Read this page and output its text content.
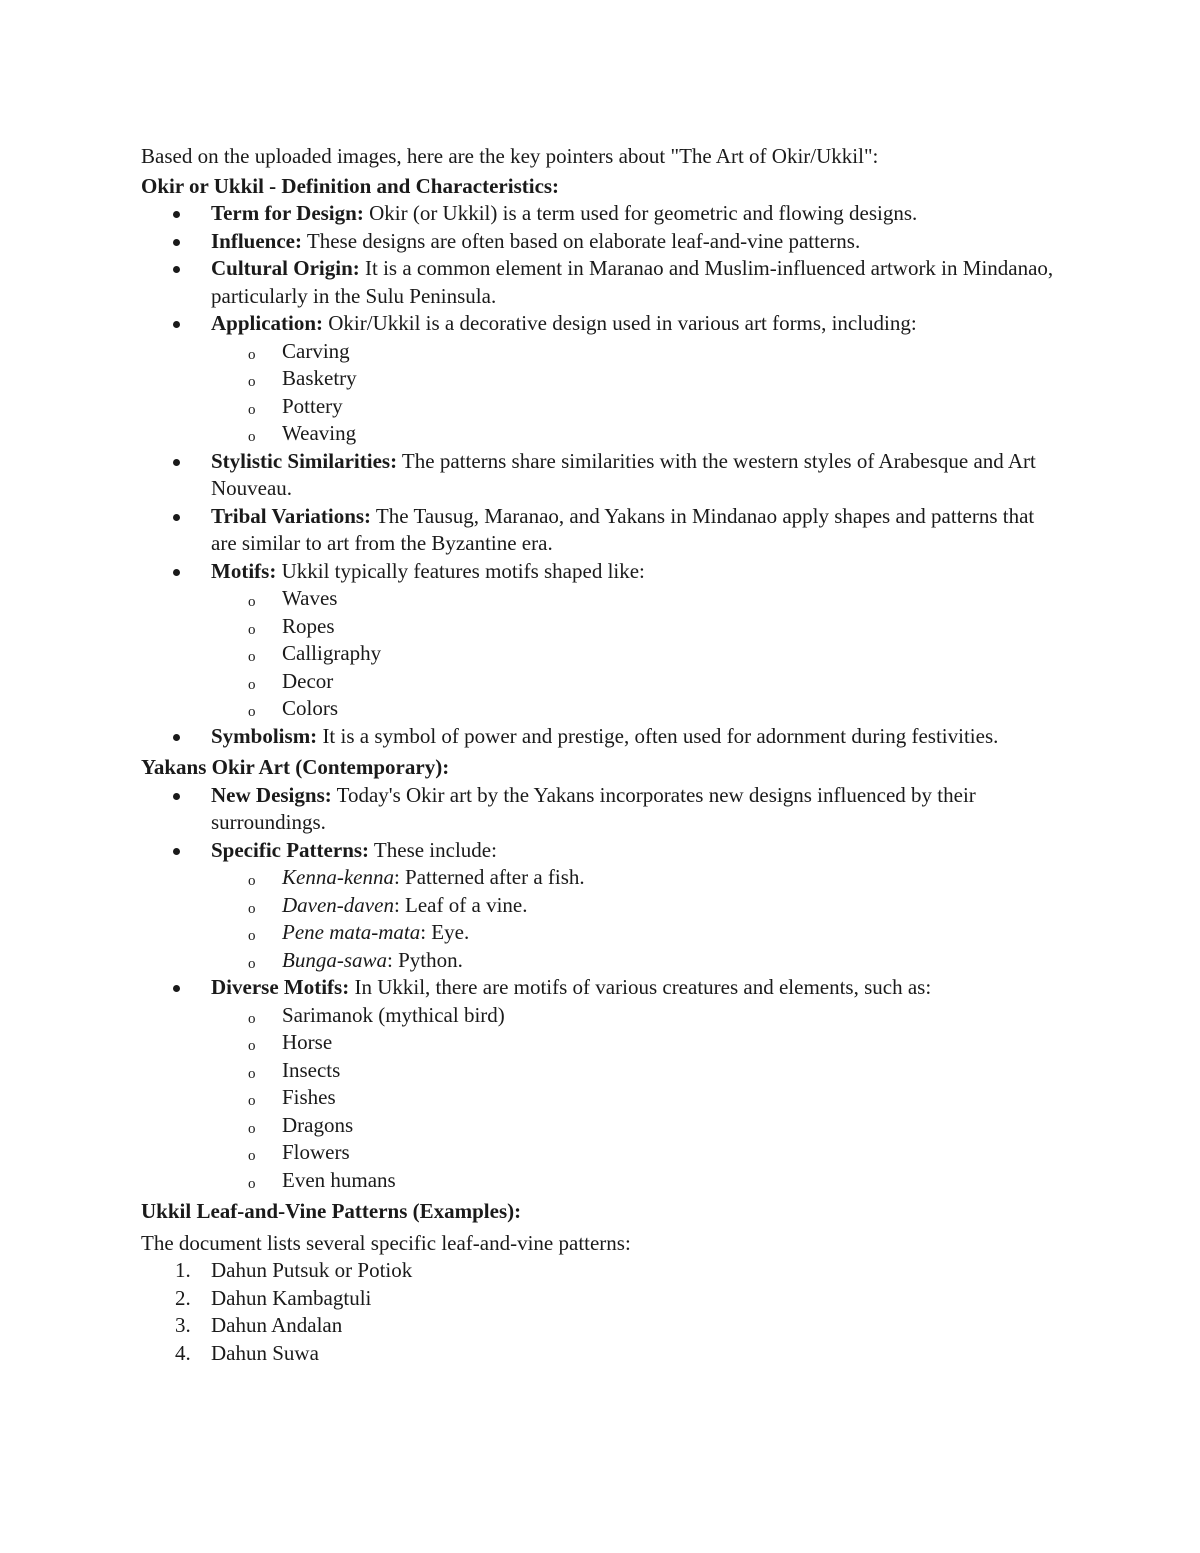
Based on the uploaded images, here are the key pointers about "The Art of Okir/Ukkil":

Okir or Ukkil - Definition and Characteristics:

Term for Design: Okir (or Ukkil) is a term used for geometric and flowing designs.
Influence: These designs are often based on elaborate leaf-and-vine patterns.
Cultural Origin: It is a common element in Maranao and Muslim-influenced artwork in Mindanao, particularly in the Sulu Peninsula.
Application: Okir/Ukkil is a decorative design used in various art forms, including:
o Carving
o Basketry
o Pottery
o Weaving
Stylistic Similarities: The patterns share similarities with the western styles of Arabesque and Art Nouveau.
Tribal Variations: The Tausug, Maranao, and Yakans in Mindanao apply shapes and patterns that are similar to art from the Byzantine era.
Motifs: Ukkil typically features motifs shaped like:
o Waves
o Ropes
o Calligraphy
o Decor
o Colors
Symbolism: It is a symbol of power and prestige, often used for adornment during festivities.

Yakans Okir Art (Contemporary):

New Designs: Today's Okir art by the Yakans incorporates new designs influenced by their surroundings.
Specific Patterns: These include:
o Kenna-kenna: Patterned after a fish.
o Daven-daven: Leaf of a vine.
o Pene mata-mata: Eye.
o Bunga-sawa: Python.
Diverse Motifs: In Ukkil, there are motifs of various creatures and elements, such as:
o Sarimanok (mythical bird)
o Horse
o Insects
o Fishes
o Dragons
o Flowers
o Even humans

Ukkil Leaf-and-Vine Patterns (Examples):

The document lists several specific leaf-and-vine patterns:

1. Dahun Putsuk or Potiok
2. Dahun Kambagtuli
3. Dahun Andalan
4. Dahun Suwa
